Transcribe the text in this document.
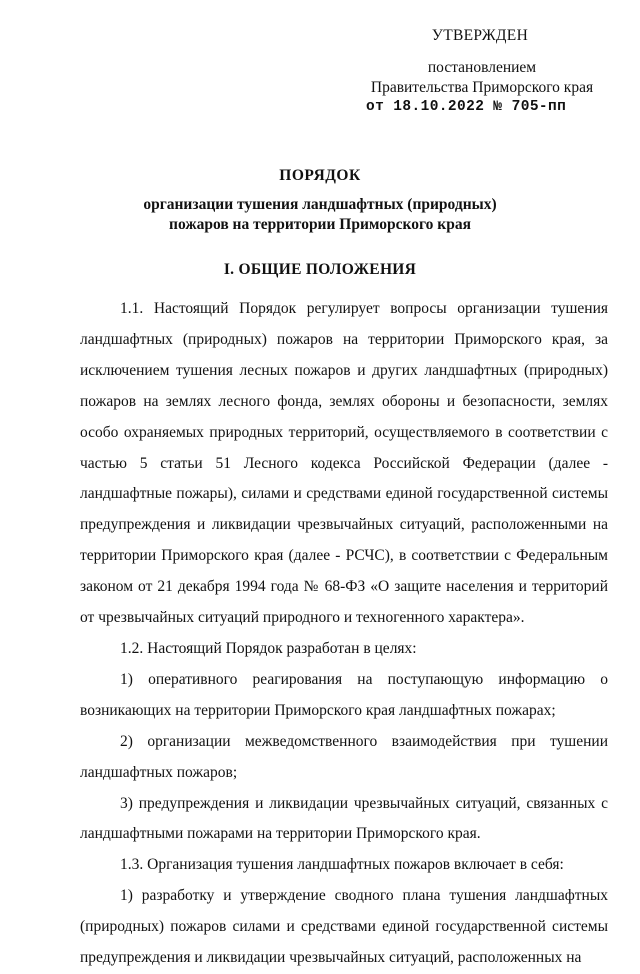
УТВЕРЖДЕН
постановлением
Правительства Приморского края
от 18.10.2022 № 705-пп
ПОРЯДОК
организации тушения ландшафтных (природных)
пожаров на территории Приморского края
I. ОБЩИЕ ПОЛОЖЕНИЯ

1.1. Настоящий Порядок регулирует вопросы организации тушения ландшафтных (природных) пожаров на территории Приморского края, за исключением тушения лесных пожаров и других ландшафтных (природных) пожаров на землях лесного фонда, землях обороны и безопасности, землях особо охраняемых природных территорий, осуществляемого в соответствии с частью 5 статьи 51 Лесного кодекса Российской Федерации (далее - ландшафтные пожары), силами и средствами единой государственной системы предупреждения и ликвидации чрезвычайных ситуаций, расположенными на территории Приморского края (далее - РСЧС), в соответствии с Федеральным законом от 21 декабря 1994 года № 68-ФЗ «О защите населения и территорий от чрезвычайных ситуаций природного и техногенного характера».

1.2. Настоящий Порядок разработан в целях:

1) оперативного реагирования на поступающую информацию о возникающих на территории Приморского края ландшафтных пожарах;

2) организации межведомственного взаимодействия при тушении ландшафтных пожаров;

3) предупреждения и ликвидации чрезвычайных ситуаций, связанных с ландшафтными пожарами на территории Приморского края.

1.3. Организация тушения ландшафтных пожаров включает в себя:

1) разработку и утверждение сводного плана тушения ландшафтных (природных) пожаров силами и средствами единой государственной системы предупреждения и ликвидации чрезвычайных ситуаций, расположенных на
